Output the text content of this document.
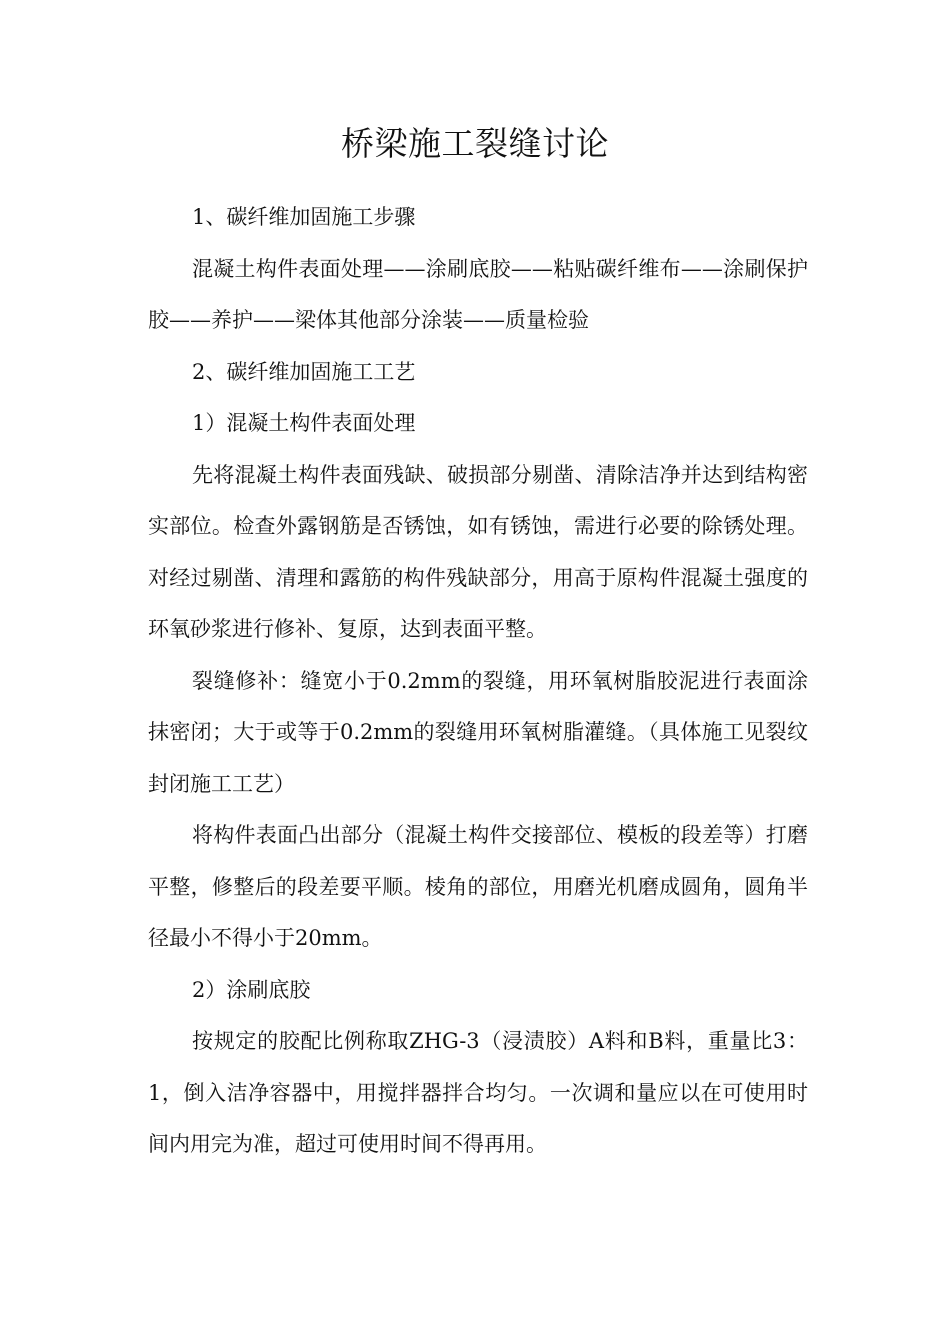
桥梁施工裂缝讨论

1、碳纤维加固施工步骤

混凝土构件表面处理——涂刷底胶——粘贴碳纤维布——涂刷保护胶——养护——梁体其他部分涂装——质量检验

2、碳纤维加固施工工艺

1）混凝土构件表面处理

先将混凝土构件表面残缺、破损部分剔凿、清除洁净并达到结构密实部位。检查外露钢筋是否锈蚀，如有锈蚀，需进行必要的除锈处理。对经过剔凿、清理和露筋的构件残缺部分，用高于原构件混凝土强度的环氧砂浆进行修补、复原，达到表面平整。

裂缝修补：缝宽小于0.2mm的裂缝，用环氧树脂胶泥进行表面涂抹密闭；大于或等于0.2mm的裂缝用环氧树脂灌缝。（具体施工见裂纹封闭施工工艺）

将构件表面凸出部分（混凝土构件交接部位、模板的段差等）打磨平整，修整后的段差要平顺。棱角的部位，用磨光机磨成圆角，圆角半径最小不得小于20mm。

2）涂刷底胶

按规定的胶配比例称取ZHG-3（浸渍胶）A料和B料，重量比3：1，倒入洁净容器中，用搅拌器拌合均匀。一次调和量应以在可使用时间内用完为准，超过可使用时间不得再用。
